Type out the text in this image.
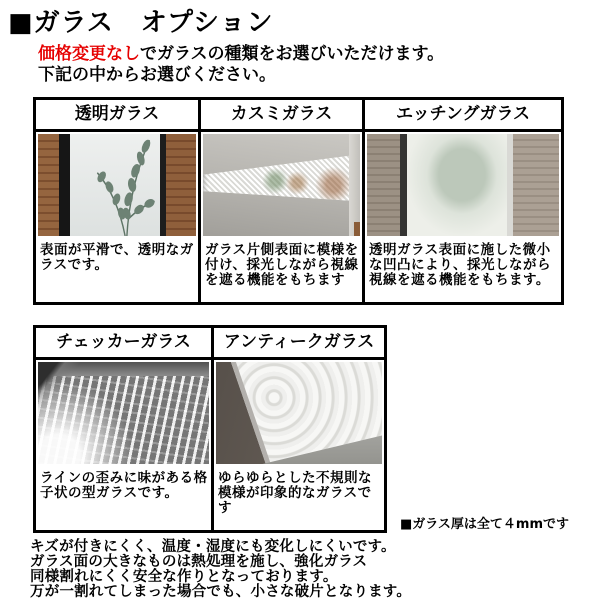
■ガラス　オプション
価格変更なしでガラスの種類をお選びいただけます。
下記の中からお選びください。
透明ガラス
表面が平滑で、透明なガラスです。
カスミガラス
ガラス片側表面に模様を付け、採光しながら視線を遮る機能をもちます
エッチングガラス
透明ガラス表面に施した微小な凹凸により、採光しながら視線を遮る機能をもちます。
チェッカーガラス
ラインの歪みに味がある格子状の型ガラスです。
アンティークガラス
ゆらゆらとした不規則な模様が印象的なガラスです
■ガラス厚は全て４mmです
キズが付きにくく、温度・湿度にも変化しにくいです。
ガラス面の大きなものは熱処理を施し、強化ガラス
同様割れにくく安全な作りとなっております。
万が一割れてしまった場合でも、小さな破片となります。
